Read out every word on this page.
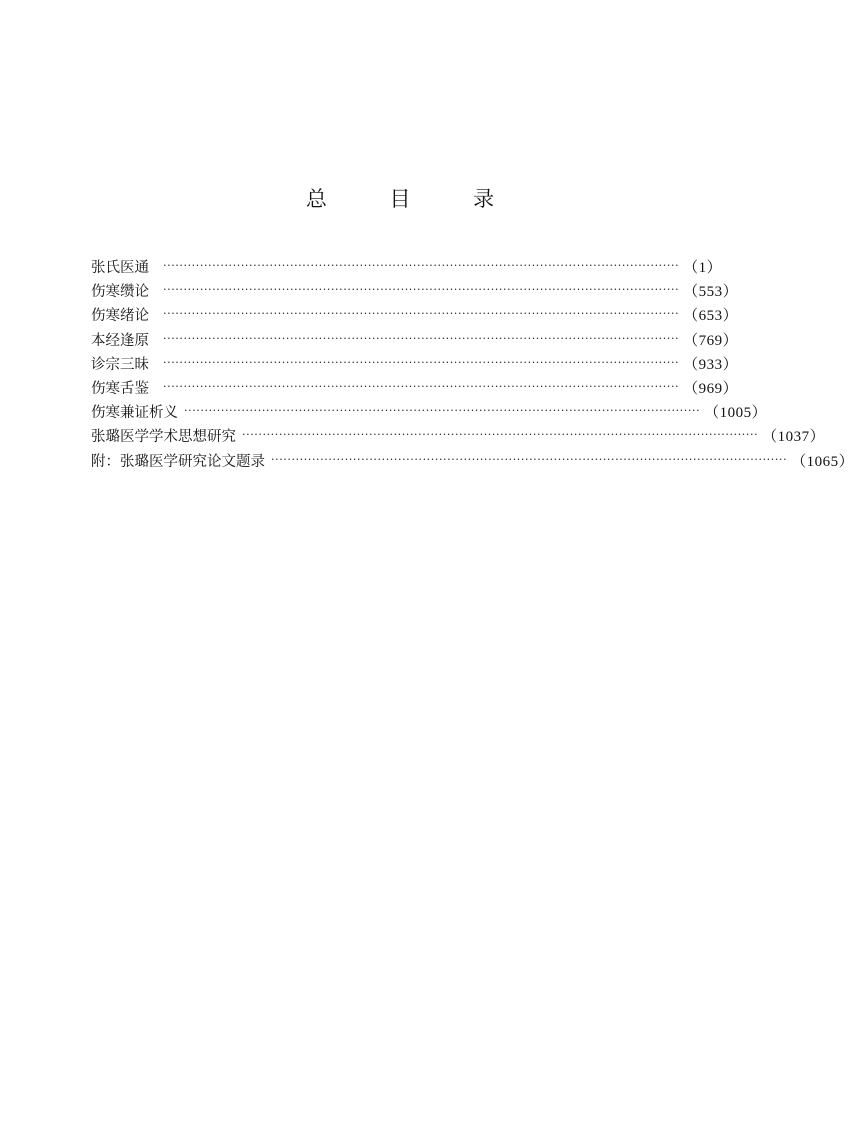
总 目 录
张氏医通	······························································································································ （1）
伤寒缵论	······························································································································ （553）
伤寒绪论	······························································································································ （653）
本经逢原	······························································································································ （769）
诊宗三昧	······························································································································ （933）
伤寒舌鉴	······························································································································ （969）
伤寒兼证析义 ······························································································································ （1005）
张璐医学学术思想研究 ······························································································································ （1037）
附：张璐医学研究论文题录 ······························································································································ （1065）
